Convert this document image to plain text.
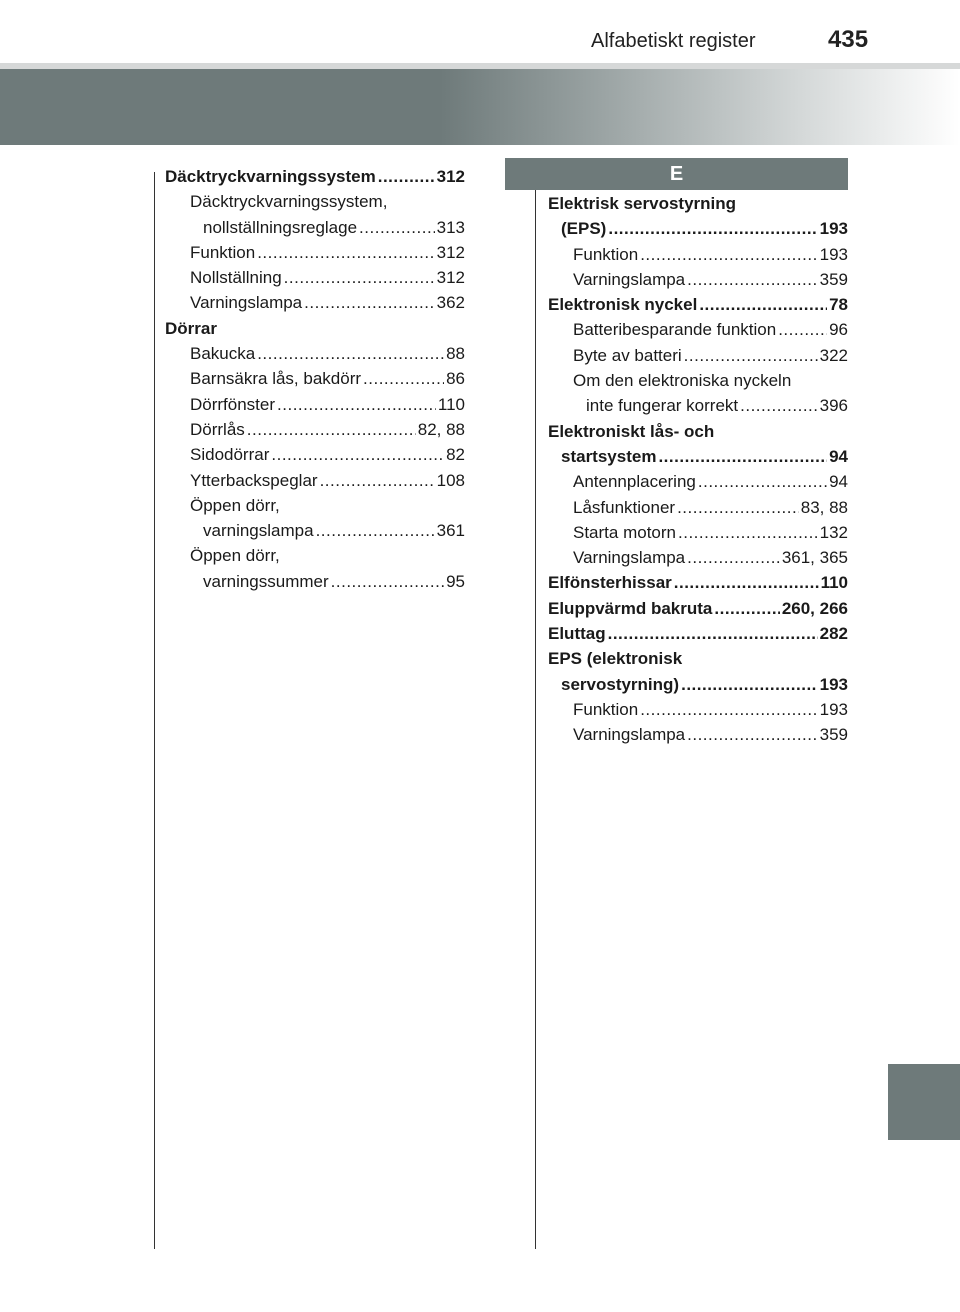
Alfabetiskt register	435
Däcktryckvarningssystem .....	312
Däcktryckvarningssystem,
nollställningsreglage .....	313
Funktion .....	312
Nollställning .....	312
Varningslampa .....	362
Dörrar
Bakucka .....	88
Barnsäkra lås, bakdörr .....	86
Dörrfönster .....	110
Dörrlås .....	82, 88
Sidodörrar .....	82
Ytterbackspeglar .....	108
Öppen dörr,
varningslampa .....	361
Öppen dörr,
varningssummer .....	95
E
Elektrisk servostyrning
(EPS) .....	193
Funktion .....	193
Varningslampa .....	359
Elektronisk nyckel .....	78
Batteribesparande funktion .....	96
Byte av batteri .....	322
Om den elektroniska nyckeln
inte fungerar korrekt .....	396
Elektroniskt lås- och
startsystem .....	94
Antennplacering .....	94
Låsfunktioner .....	83, 88
Starta motorn .....	132
Varningslampa .....	361, 365
Elfönsterhissar .....	110
Eluppvärmd bakruta .....	260, 266
Eluttag .....	282
EPS (elektronisk
servostyrning) .....	193
Funktion .....	193
Varningslampa .....	359
